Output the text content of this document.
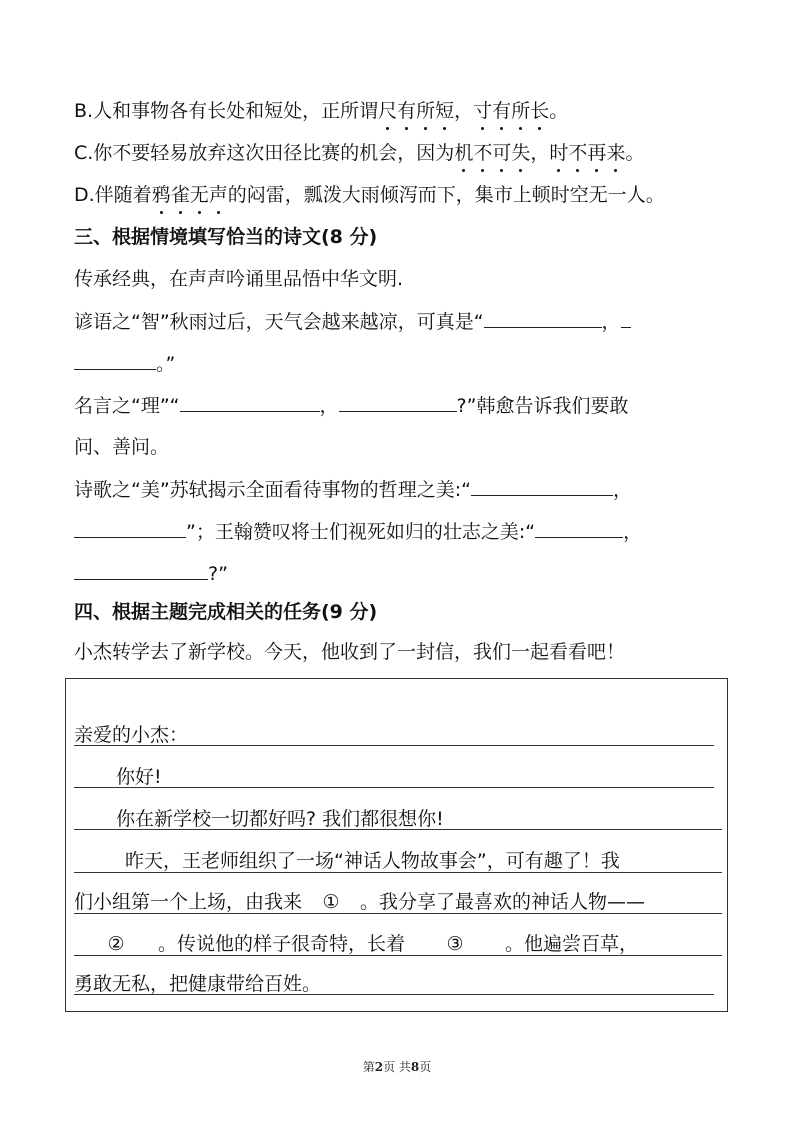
B.人和事物各有长处和短处，正所谓尺有所短，寸有所长。
C.你不要轻易放弃这次田径比赛的机会，因为机不可失，时不再来。
D.伴随着鸦雀无声的闷雷，瓢泼大雨倾泻而下，集市上顿时空无一人。
三、根据情境填写恰当的诗文(8 分)
传承经典，在声声吟诵里品悟中华文明.
谚语之“智”秋雨过后，天气会越来越凉，可真是“	，
。”
名言之“理”“	，	?”韩愈告诉我们要敢
问、善问。
诗歌之“美”苏轼揭示全面看待事物的哲理之美:“	，
”；王翰赞叹将士们视死如归的壮志之美:“	，
?”
四、根据主题完成相关的任务(9 分)
小杰转学去了新学校。今天，他收到了一封信，我们一起看看吧！
亲爱的小杰：
你好!
你在新学校一切都好吗? 我们都很想你!
昨天，王老师组织了一场“神话人物故事会”，可有趣了！我
们小组第一个上场，由我来 ① 。我分享了最喜欢的神话人物——
② 。传说他的样子很奇特，长着 ③ 。他遍尝百草，
勇敢无私，把健康带给百姓。
第2页 共8页
